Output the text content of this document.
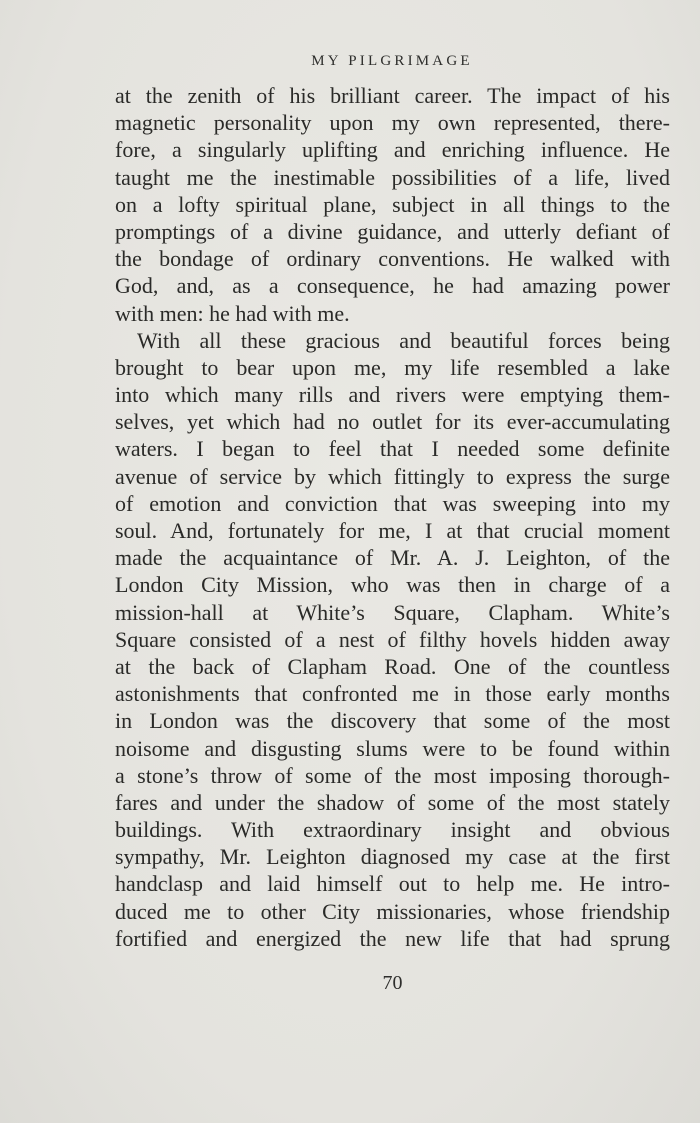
MY PILGRIMAGE
at the zenith of his brilliant career. The impact of his
magnetic personality upon my own represented, there-
fore, a singularly uplifting and enriching influence. He
taught me the inestimable possibilities of a life, lived
on a lofty spiritual plane, subject in all things to the
promptings of a divine guidance, and utterly defiant of
the bondage of ordinary conventions. He walked with
God, and, as a consequence, he had amazing power
with men: he had with me.
With all these gracious and beautiful forces being
brought to bear upon me, my life resembled a lake
into which many rills and rivers were emptying them-
selves, yet which had no outlet for its ever-accumulating
waters. I began to feel that I needed some definite
avenue of service by which fittingly to express the surge
of emotion and conviction that was sweeping into my
soul. And, fortunately for me, I at that crucial moment
made the acquaintance of Mr. A. J. Leighton, of the
London City Mission, who was then in charge of a
mission-hall at White’s Square, Clapham. White’s
Square consisted of a nest of filthy hovels hidden away
at the back of Clapham Road. One of the countless
astonishments that confronted me in those early months
in London was the discovery that some of the most
noisome and disgusting slums were to be found within
a stone’s throw of some of the most imposing thorough-
fares and under the shadow of some of the most stately
buildings. With extraordinary insight and obvious
sympathy, Mr. Leighton diagnosed my case at the first
handclasp and laid himself out to help me. He intro-
duced me to other City missionaries, whose friendship
fortified and energized the new life that had sprung
70
